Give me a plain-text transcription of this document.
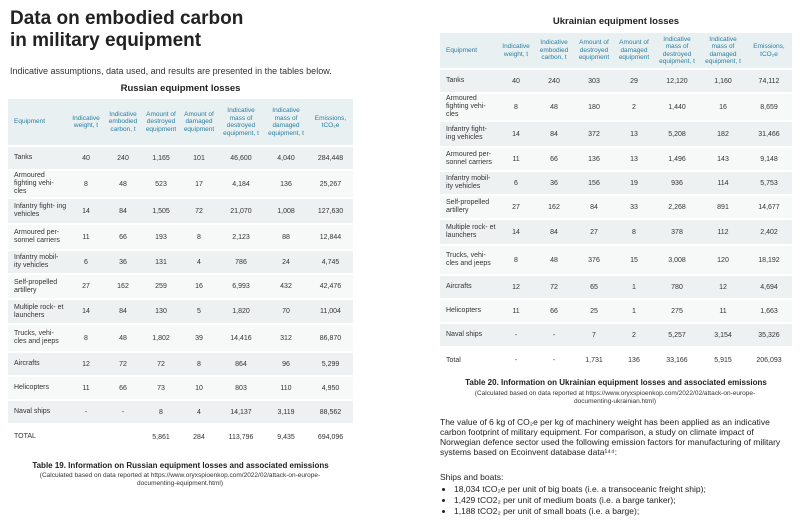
Data on embodied carbon
in military equipment
Indicative assumptions, data used, and results are presented in the tables below.
Russian equipment losses
Equipment	Indicative weight, t	Indicative embodied carbon, t	Amount of destroyed equipment	Amount of damaged equipment	Indicative mass of destroyed equipment, t	Indicative mass of damaged equipment, t	Emissions, tCO₂e
Tanks	40	240	1,165	101	46,600	4,040	284,448
Armoured fighting vehi- cles	8	48	523	17	4,184	136	25,267
Infantry fight- ing vehicles	14	84	1,505	72	21,070	1,008	127,630
Armoured per- sonnel carriers	11	66	193	8	2,123	88	12,844
Infantry mobil- ity vehicles	6	36	131	4	786	24	4,745
Self-propelled artillery	27	162	259	16	6,993	432	42,476
Multiple rock- et launchers	14	84	130	5	1,820	70	11,004
Trucks, vehi- cles and jeeps	8	48	1,802	39	14,416	312	86,870
Aircrafts	12	72	72	8	864	96	5,299
Helicopters	11	66	73	10	803	110	4,950
Naval ships	-	-	8	4	14,137	3,119	88,562
TOTAL			5,861	284	113,796	9,435	694,096
Table 19. Information on Russian equipment losses and associated emissions
(Calculated based on data reported at https://www.oryxspioenkop.com/2022/02/attack-on-europe- documenting-equipment.html)
Ukrainian equipment losses
Equipment	Indicative weight, t	Indicative embodied carbon, t	Amount of destroyed equipment	Amount of damaged equipment	Indicative mass of destroyed equipment, t	Indicative mass of damaged equipment, t	Emissions, tCO₂e
Tanks	40	240	303	29	12,120	1,160	74,112
Armoured fighting vehi- cles	8	48	180	2	1,440	16	8,659
Infantry fight- ing vehicles	14	84	372	13	5,208	182	31,466
Armoured per- sonnel carriers	11	66	136	13	1,496	143	9,148
Infantry mobil- ity vehicles	6	36	156	19	936	114	5,753
Self-propelled artillery	27	162	84	33	2,268	891	14,677
Multiple rock- et launchers	14	84	27	8	378	112	2,402
Trucks, vehi- cles and jeeps	8	48	376	15	3,008	120	18,192
Aircrafts	12	72	65	1	780	12	4,694
Helicopters	11	66	25	1	275	11	1,663
Naval ships	-	-	7	2	5,257	3,154	35,326
Total	-	-	1,731	136	33,166	5,915	206,093
Table 20. Information on Ukrainian equipment losses and associated emissions
(Calculated based on data reported at https://www.oryxspioenkop.com/2022/02/attack-on-europe- documenting-ukrainian.html)
The value of 6 kg of CO₂e per kg of machinery weight has been applied as an indicative carbon footprint of military equipment. For comparison, a study on climate impact of Norwegian defence sector used the following emission factors for manufacturing of military systems based on Ecoinvent database data¹⁴⁴:
Ships and boats:
• 18,034 tCO₂e per unit of big boats (i.e. a transoceanic freight ship);
• 1,429 tCO2₂ per unit of medium boats (i.e. a barge tanker);
• 1,188 tCO2₂ per unit of small boats (i.e. a barge);
